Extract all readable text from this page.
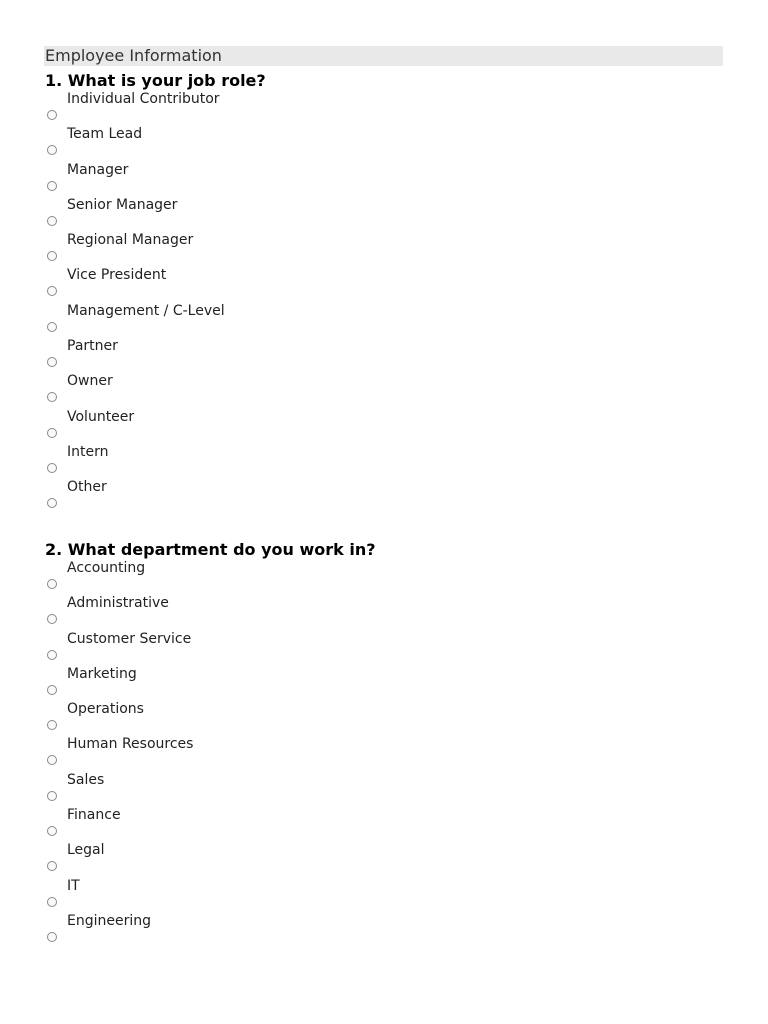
Employee Information
1. What is your job role?
Individual Contributor
Team Lead
Manager
Senior Manager
Regional Manager
Vice President
Management / C-Level
Partner
Owner
Volunteer
Intern
Other
2. What department do you work in?
Accounting
Administrative
Customer Service
Marketing
Operations
Human Resources
Sales
Finance
Legal
IT
Engineering
